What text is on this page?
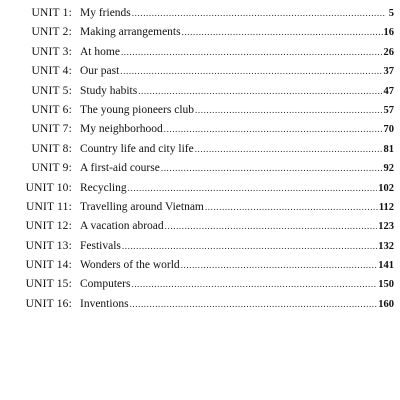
UNIT 1: My friends .....	5
UNIT 2: Making arrangements .....	16
UNIT 3: At home .....	26
UNIT 4: Our past .....	37
UNIT 5: Study habits .....	47
UNIT 6: The young pioneers club .....	57
UNIT 7: My neighborhood .....	70
UNIT 8: Country life and city life .....	81
UNIT 9: A first-aid course .....	92
UNIT 10: Recycling .....	102
UNIT 11: Travelling around Vietnam .....	112
UNIT 12: A vacation abroad .....	123
UNIT 13: Festivals .....	132
UNIT 14: Wonders of the world .....	141
UNIT 15: Computers .....	150
UNIT 16: Inventions .....	160
